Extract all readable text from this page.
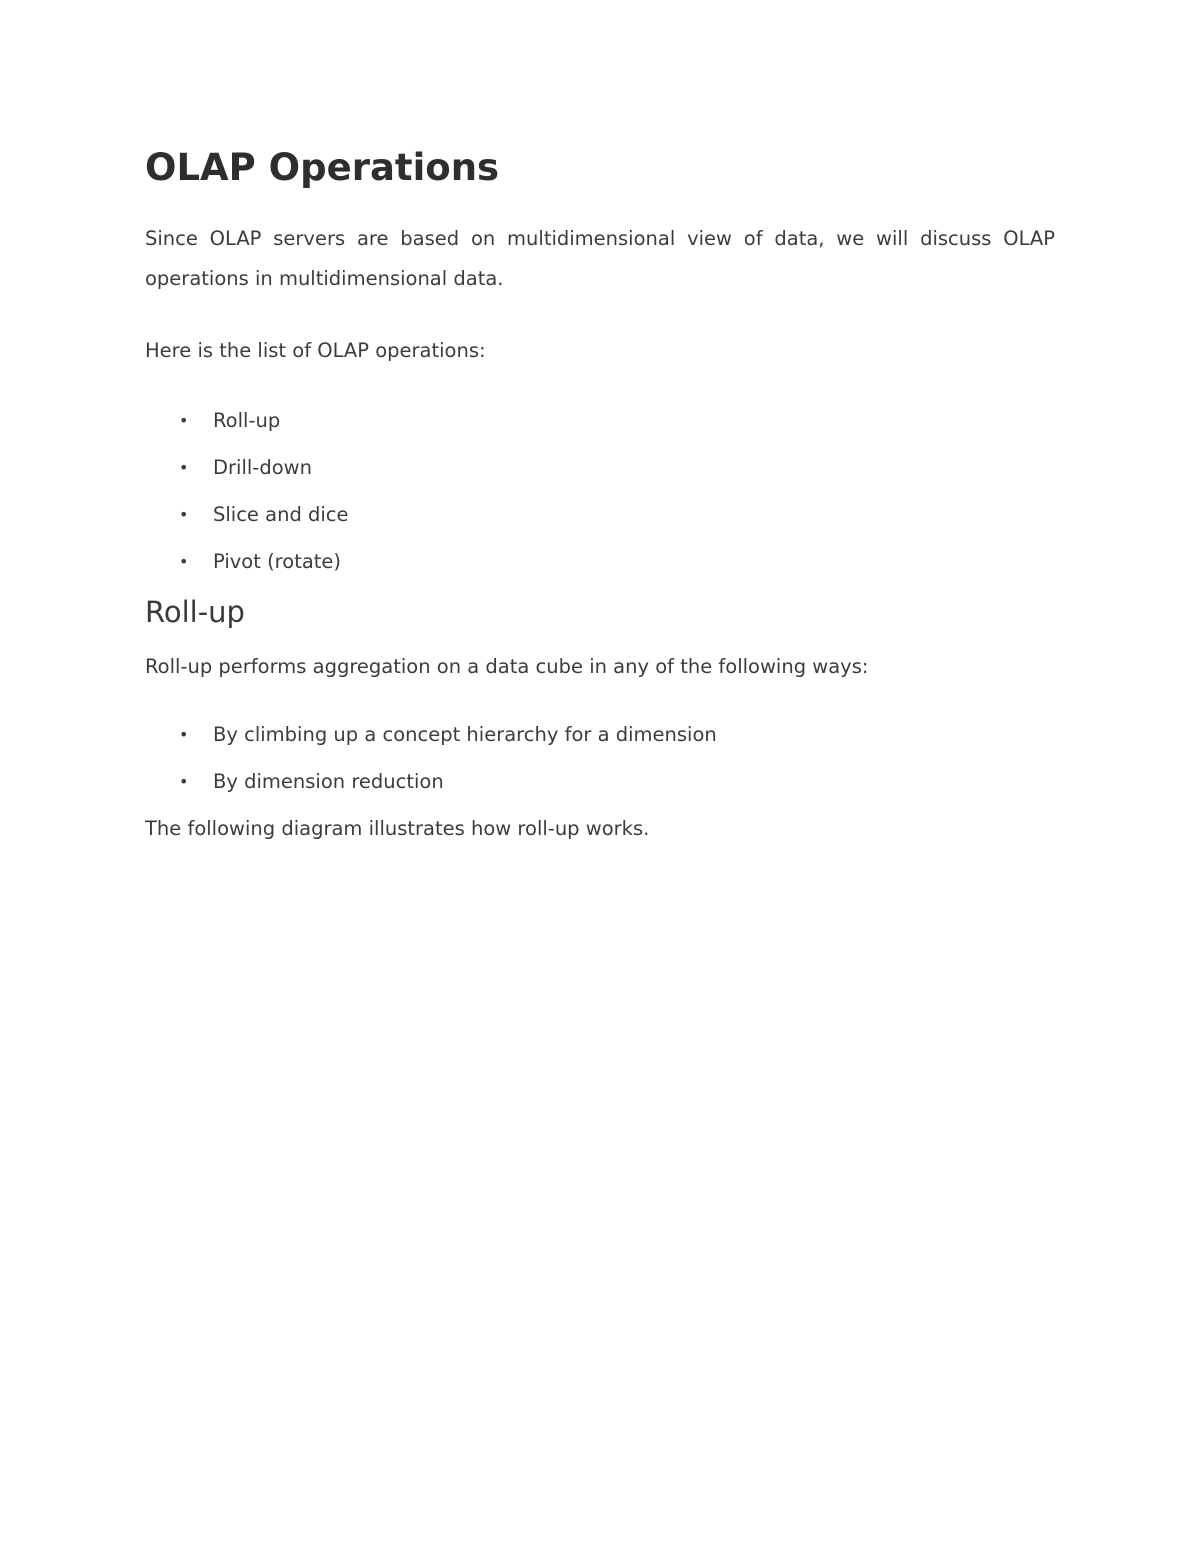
OLAP Operations

Since OLAP servers are based on multidimensional view of data, we will discuss OLAP operations in multidimensional data.

Here is the list of OLAP operations:

• Roll-up
• Drill-down
• Slice and dice
• Pivot (rotate)
Roll-up

Roll-up performs aggregation on a data cube in any of the following ways:

• By climbing up a concept hierarchy for a dimension
• By dimension reduction

The following diagram illustrates how roll-up works.
